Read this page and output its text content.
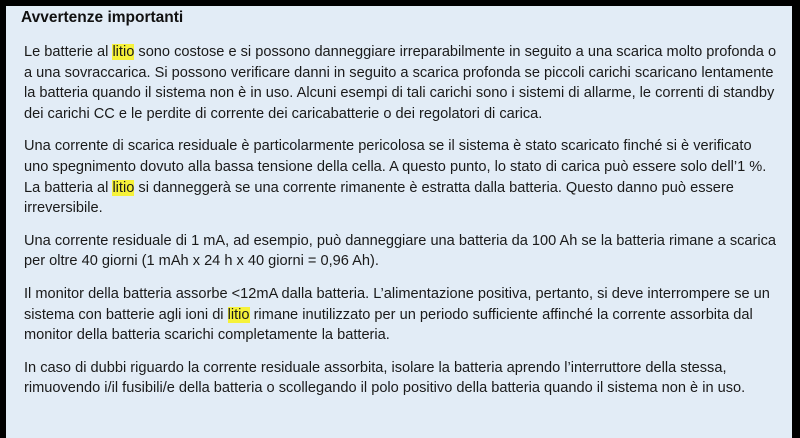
Avvertenze importanti

Le batterie al litio sono costose e si possono danneggiare irreparabilmente in seguito a una scarica molto profonda o a una sovraccarica. Si possono verificare danni in seguito a scarica profonda se piccoli carichi scaricano lentamente la batteria quando il sistema non è in uso. Alcuni esempi di tali carichi sono i sistemi di allarme, le correnti di standby dei carichi CC e le perdite di corrente dei caricabatterie o dei regolatori di carica.

Una corrente di scarica residuale è particolarmente pericolosa se il sistema è stato scaricato finché si è verificato uno spegnimento dovuto alla bassa tensione della cella. A questo punto, lo stato di carica può essere solo dell’1 %. La batteria al litio si danneggerà se una corrente rimanente è estratta dalla batteria. Questo danno può essere irreversibile.

Una corrente residuale di 1 mA, ad esempio, può danneggiare una batteria da 100 Ah se la batteria rimane a scarica per oltre 40 giorni (1 mAh x 24 h x 40 giorni = 0,96 Ah).

Il monitor della batteria assorbe <12mA dalla batteria. L’alimentazione positiva, pertanto, si deve interrompere se un sistema con batterie agli ioni di litio rimane inutilizzato per un periodo sufficiente affinché la corrente assorbita dal monitor della batteria scarichi completamente la batteria.

In caso di dubbi riguardo la corrente residuale assorbita, isolare la batteria aprendo l’interruttore della stessa, rimuovendo i/il fusibili/e della batteria o scollegando il polo positivo della batteria quando il sistema non è in uso.
